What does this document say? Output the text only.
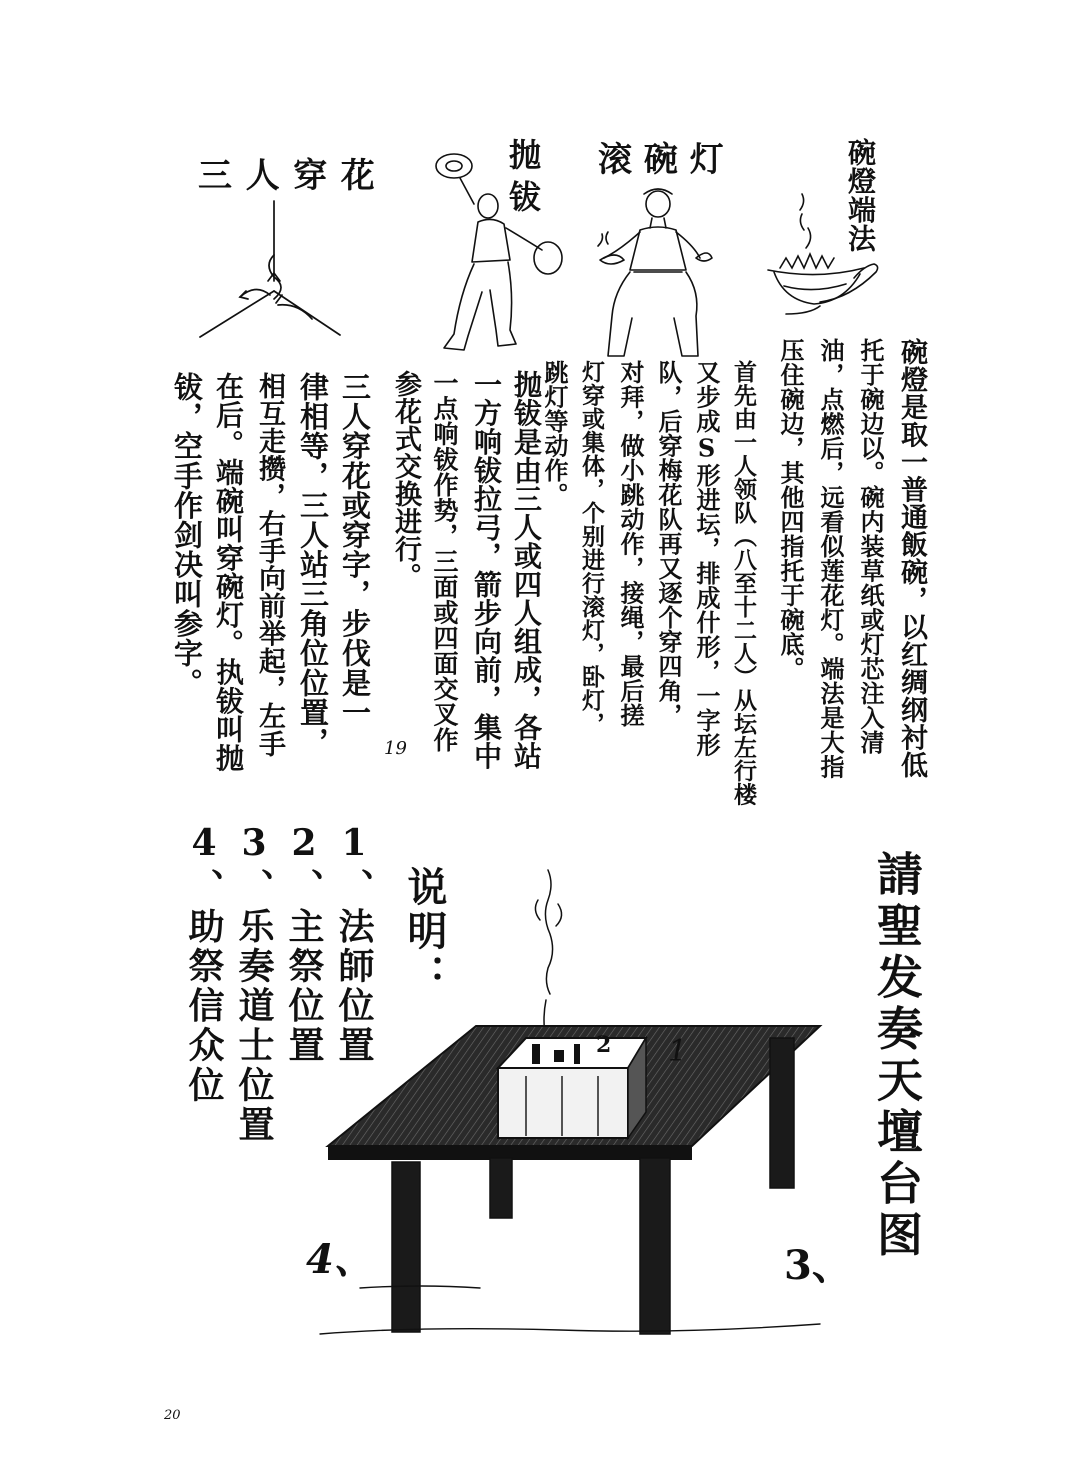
碗燈端法
滚碗灯
抛
钹
三人穿花
碗燈是取一普通飯碗，以红绸纲衬低
托于碗边以。碗内装草纸或灯芯注入清
油，点燃后，远看似莲花灯。端法是大指
压住碗边，其他四指托于碗底。
首先由一人领队（八至十二人）从坛左行楼
又步成S形进坛，排成什形，一字形
队，后穿梅花队再又逐个穿四角，
对拜，做小跳动作，接绳，最后搓
灯穿或集体，个别进行滚灯，卧灯，
跳灯等动作。
抛钹是由三人或四人组成，各站
一方响钹拉弓，箭步向前，集中
一点响钹作势，三面或四面交叉作
参花式交换进行。
三人穿花或穿字，步伐是一
律相等，三人站三角位位置，
相互走攒，右手向前举起，左手
在后。端碗叫穿碗灯。执钹叫抛
钹，空手作剑决叫参字。
19
請聖发奏天壇台图
说明：
1、法師位置
2、主祭位置
3、乐奏道士位置
4、助祭信众位	2 1
3、
4、
20
